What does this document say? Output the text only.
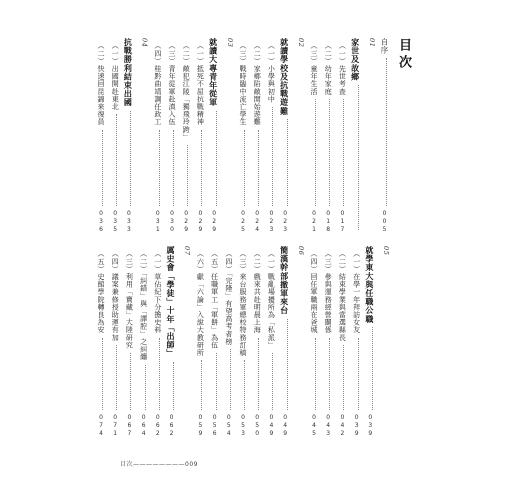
目次
自序
005
01
家世及故鄉
（一）先世考查
017
（二）幼年家庭
018
（三）童年生活
021
02
就讀學校及抗戰遊難
023
（一）小學與初中
023
（二）家鄉陷敵開始遊難
024
（三）戰時臨中流亡學生
025
03
就讀大專青年從軍
029
（一）抵死不屈抗戰精神
029
（二）敵犯江陵「獨飛玲跨」
029
（三）青年從軍赴滇入伍
030
（四）桂黔曲靖調任政工
031
04
抗戰勝利結束出國
033
（一）出國開赴東北
035
（二）快速回昆錦來復員
036
05
就學東大與任職公職
039
（一）在學一年拜訪女友
039
（二）結束學業與當選縣長
042
（三）參與運務經營關係
043
（四）回任軍職兩在爸城
045
06
簡漢幹部撤軍來台
049
（一）戰亂場擾所為「私派」
049
（二）戲來共赴明晨上海
050
（三）來台服務軍總校特務訂稿
053
（四）「完隆」有望高考者榜
054
（五）任職軍工「軍餅」為伍
056
（六）獻「六論」入說大教研所
059
07
厲史會「學徒」十年「出師」
062
（一）草佔紀下分擔史料
062
（二）「糾錯」與「譯腔」之糾纏
064
（三）利用「寶藏」大陸研究
067
（四）議案兼修授助運有加
071
（五）史館學院轉良為安
074
目次————————009
